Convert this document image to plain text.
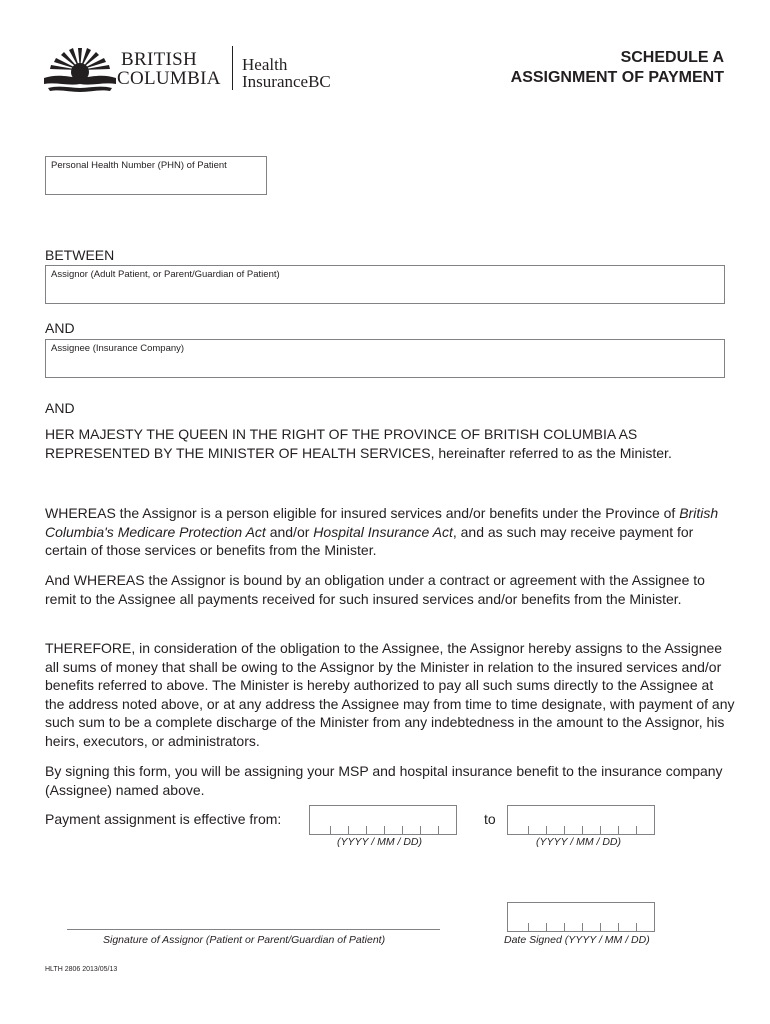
BRITISH
COLUMBIA
Health
InsuranceBC
SCHEDULE A
ASSIGNMENT OF PAYMENT
Personal Health Number (PHN) of Patient
BETWEEN
Assignor (Adult Patient, or Parent/Guardian of Patient)
AND
Assignee (Insurance Company)
AND
HER MAJESTY THE QUEEN IN THE RIGHT OF THE PROVINCE OF BRITISH COLUMBIA AS
REPRESENTED BY THE MINISTER OF HEALTH SERVICES, hereinafter referred to as the Minister.
WHEREAS the Assignor is a person eligible for insured services and/or benefits under the Province of British Columbia's Medicare Protection Act and/or Hospital Insurance Act, and as such may receive payment for certain of those services or benefits from the Minister.
And WHEREAS the Assignor is bound by an obligation under a contract or agreement with the Assignee to remit to the Assignee all payments received for such insured services and/or benefits from the Minister.
THEREFORE, in consideration of the obligation to the Assignee, the Assignor hereby assigns to the Assignee all sums of money that shall be owing to the Assignor by the Minister in relation to the insured services and/or benefits referred to above. The Minister is hereby authorized to pay all such sums directly to the Assignee at the address noted above, or at any address the Assignee may from time to time designate, with payment of any such sum to be a complete discharge of the Minister from any indebtedness in the amount to the Assignor, his heirs, executors, or administrators.
By signing this form, you will be assigning your MSP and hospital insurance benefit to the insurance company (Assignee) named above.
Payment assignment is effective from:
(YYYY / MM / DD)
to
(YYYY / MM / DD)
Signature of Assignor (Patient or Parent/Guardian of Patient)	Date Signed (YYYY / MM / DD)
HLTH 2806 2013/05/13
